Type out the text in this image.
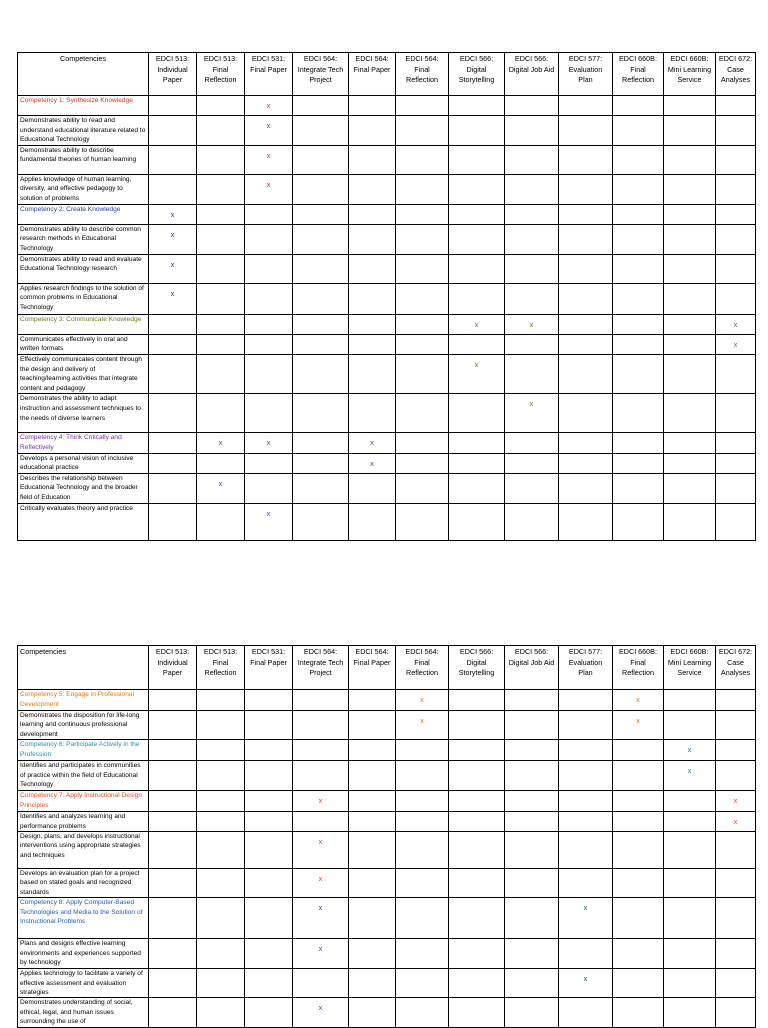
Competencies	EDCI 513: Individual Paper	EDCI 513: Final Reflection	EDCI 531: Final Paper	EDCI 564: Integrate Tech Project	EDCI 564: Final Paper	EDCI 564: Final Reflection	EDCI 566: Digital Storytelling	EDCI 566: Digital Job Aid	EDCI 577: Evaluation Plan	EDCI 660B: Final Reflection	EDCI 660B: Mini Learning Service	EDCI 672: Case Analyses
Competency 1: Synthesize Knowledge			x									
Demonstrates ability to read and understand educational literature related to Educational Technology			x									
Demonstrates ability to describe fundamental theories of human learning			x									
Applies knowledge of human learning, diversity, and effective pedagogy to solution of problems			x									
Competency 2: Create Knowledge	x											
Demonstrates ability to describe common research methods in Educational Technology	x											
Demonstrates ability to read and evaluate Educational Technology research	x											
Applies research findings to the solution of common problems in Educational Technology	x											
Competency 3: Communicate Knowledge							x	x				x
Communicates effectively in oral and written formats												x
Effectively communicates content through the design and delivery of teaching/learning activities that integrate content and pedagogy							x					
Demonstrates the ability to adapt instruction and assessment techniques to the needs of diverse learners								x				
Competency 4: Think Critically and Reflectively		x	x		x							
Develops a personal vision of inclusive educational practice					x							
Describes the relationship between Educational Technology and the broader field of Education		x										
Critically evaluates theory and practice			x									
Competencies	EDCI 513: Individual Paper	EDCI 513: Final Reflection	EDCI 531: Final Paper	EDCI 564: Integrate Tech Project	EDCI 564: Final Paper	EDCI 564: Final Reflection	EDCI 566: Digital Storytelling	EDCI 566: Digital Job Aid	EDCI 577: Evaluation Plan	EDCI 660B: Final Reflection	EDCI 660B: Mini Learning Service	EDCI 672: Case Analyses
Competency 5: Engage in Professional Development						x				x		
Demonstrates the disposition for life-long learning and continuous professional development						x				x		
Competency 6: Participate Actively in the Profession											x	
Identifies and participates in communities of practice within the field of Educational Technology											x	
Competency 7: Apply Instructional Design Principles				x								x
Identifies and analyzes learning and performance problems												x
Design, plans, and develops instructional interventions using appropriate strategies and techniques				x								
Develops an evaluation plan for a project based on stated goals and recognized standards				x								
Competency 8: Apply Computer-Based Technologies and Media to the Solution of Instructional Problems				x					x			
Plans and designs effective learning environments and experiences supported by technology				x								
Applies technology to facilitate a variety of effective assessment and evaluation strategies									x			
Demonstrates understanding of social, ethical, legal, and human issues surrounding the use of				x								
